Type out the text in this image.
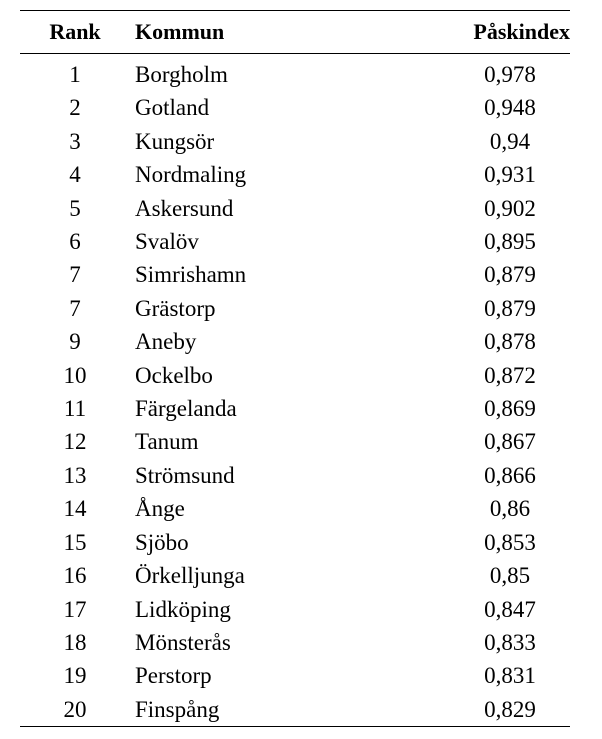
Rank	Kommun	Påskindex
1	Borgholm	0,978
2	Gotland	0,948
3	Kungsör	0,94
4	Nordmaling	0,931
5	Askersund	0,902
6	Svalöv	0,895
7	Simrishamn	0,879
7	Grästorp	0,879
9	Aneby	0,878
10	Ockelbo	0,872
11	Färgelanda	0,869
12	Tanum	0,867
13	Strömsund	0,866
14	Ånge	0,86
15	Sjöbo	0,853
16	Örkelljunga	0,85
17	Lidköping	0,847
18	Mönsterås	0,833
19	Perstorp	0,831
20	Finspång	0,829
